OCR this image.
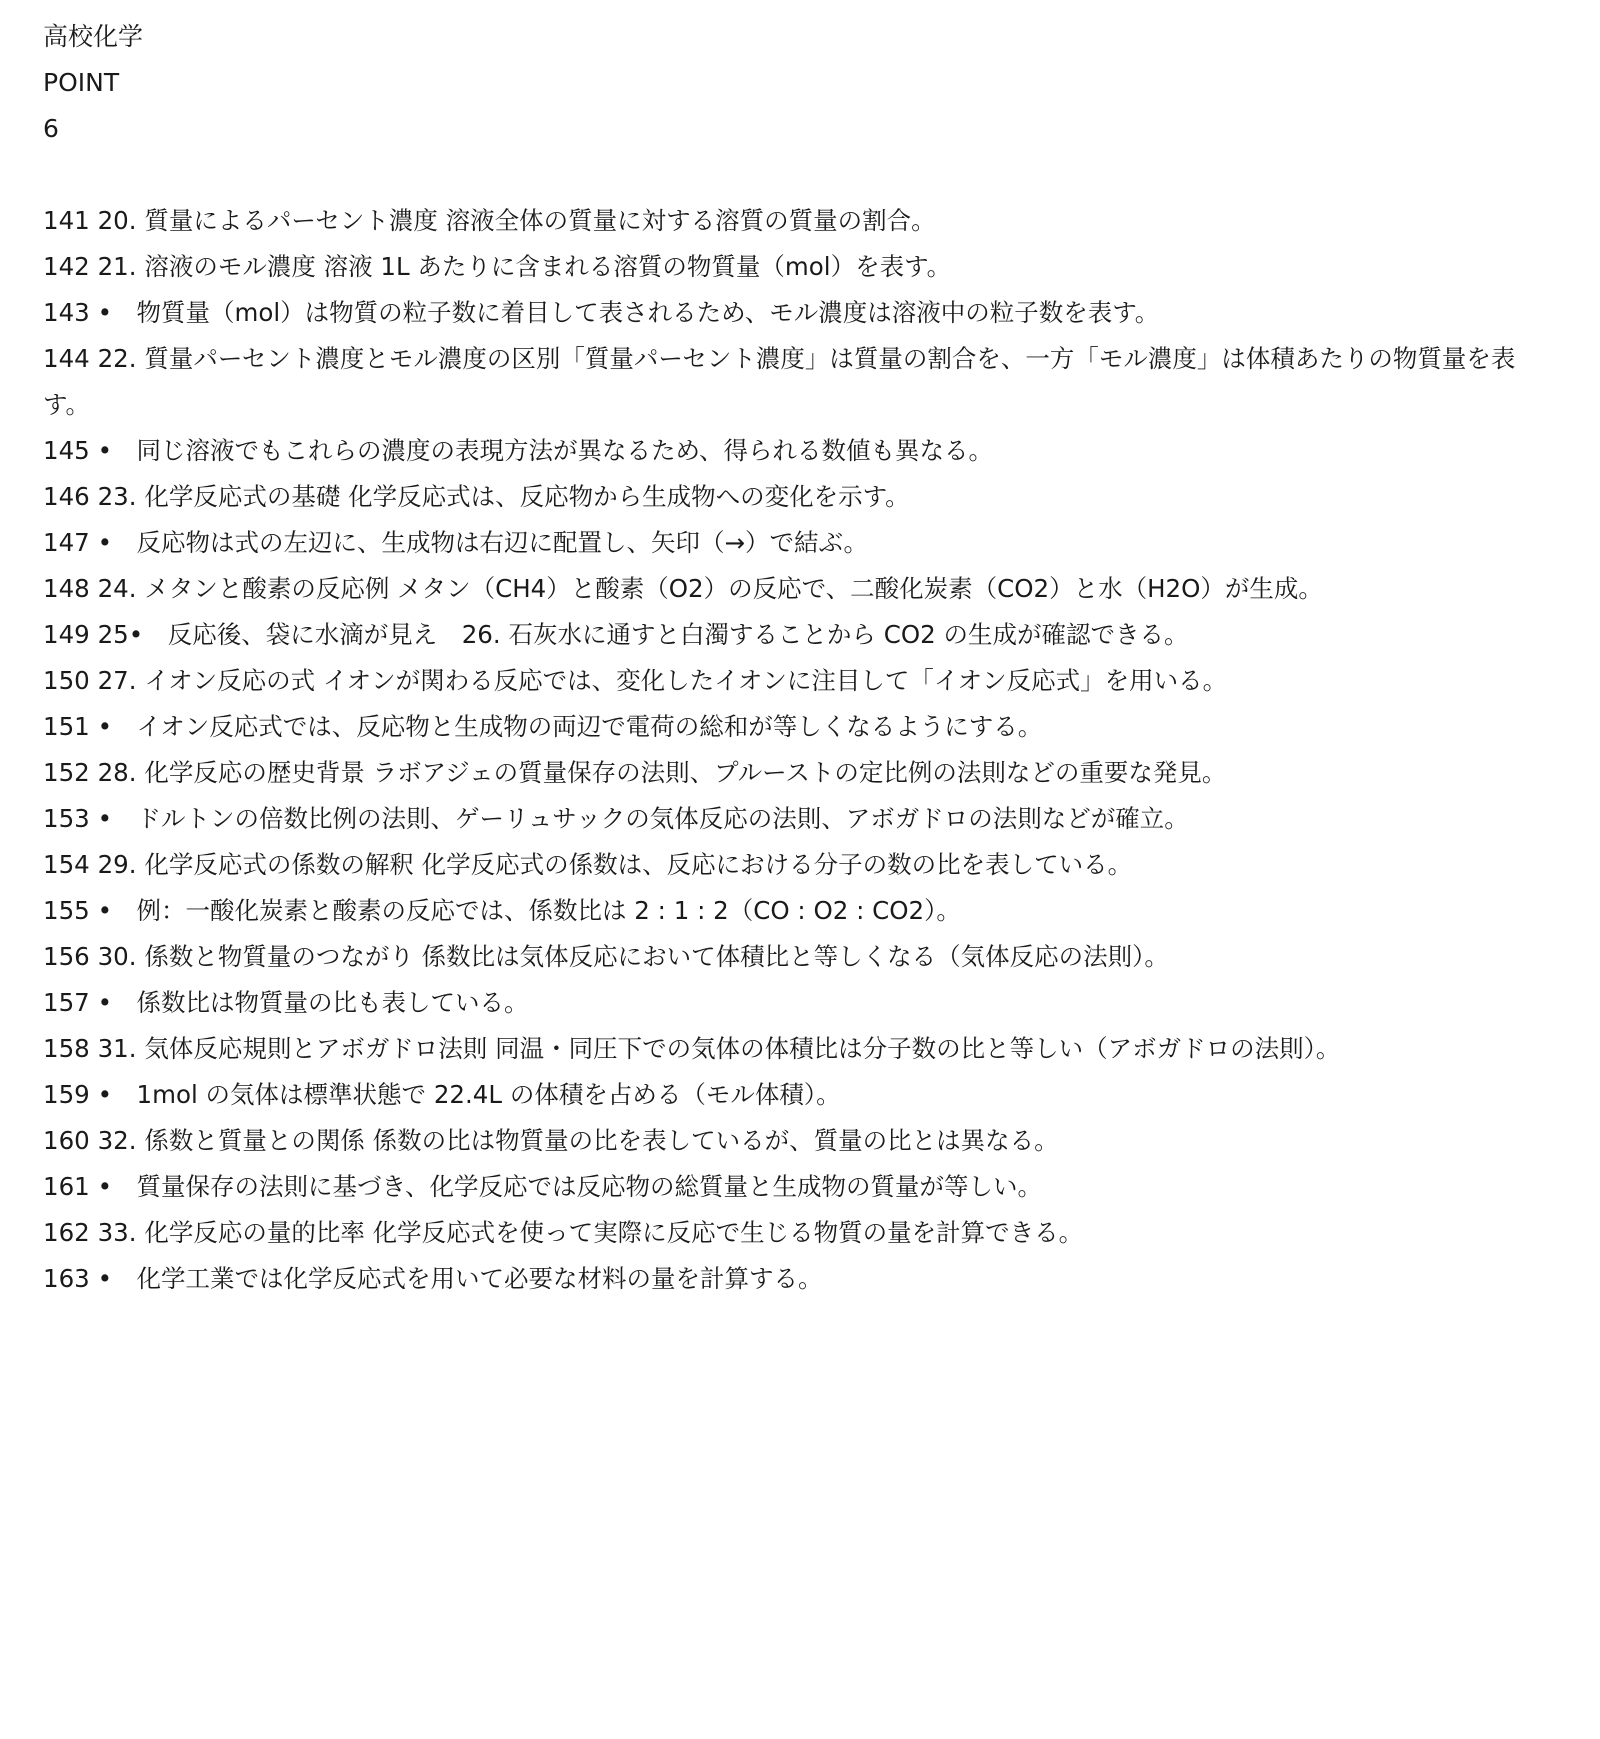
高校化学
POINT
6
141 20. 質量によるパーセント濃度 溶液全体の質量に対する溶質の質量の割合。
142 21. 溶液のモル濃度 溶液 1L あたりに含まれる溶質の物質量（mol）を表す。
143 •　物質量（mol）は物質の粒子数に着目して表されるため、モル濃度は溶液中の粒子数を表す。
144 22. 質量パーセント濃度とモル濃度の区別「質量パーセント濃度」は質量の割合を、一方「モル濃度」は体積あたりの物質量を表す。
145 •　同じ溶液でもこれらの濃度の表現方法が異なるため、得られる数値も異なる。
146 23. 化学反応式の基礎 化学反応式は、反応物から生成物への変化を示す。
147 •　反応物は式の左辺に、生成物は右辺に配置し、矢印（→）で結ぶ。
148 24. メタンと酸素の反応例 メタン（CH4）と酸素（O2）の反応で、二酸化炭素（CO2）と水（H2O）が生成。
149 25•　反応後、袋に水滴が見え　26. 石灰水に通すと白濁することから CO2 の生成が確認できる。
150 27. イオン反応の式 イオンが関わる反応では、変化したイオンに注目して「イオン反応式」を用いる。
151 •　イオン反応式では、反応物と生成物の両辺で電荷の総和が等しくなるようにする。
152 28. 化学反応の歴史背景 ラボアジェの質量保存の法則、プルーストの定比例の法則などの重要な発見。
153 •　ドルトンの倍数比例の法則、ゲーリュサックの気体反応の法則、アボガドロの法則などが確立。
154 29. 化学反応式の係数の解釈 化学反応式の係数は、反応における分子の数の比を表している。
155 •　例：一酸化炭素と酸素の反応では、係数比は 2 : 1 : 2（CO : O2 : CO2）。
156 30. 係数と物質量のつながり 係数比は気体反応において体積比と等しくなる（気体反応の法則）。
157 •　係数比は物質量の比も表している。
158 31. 気体反応規則とアボガドロ法則 同温・同圧下での気体の体積比は分子数の比と等しい（アボガドロの法則）。
159 •　1mol の気体は標準状態で 22.4L の体積を占める（モル体積）。
160 32. 係数と質量との関係 係数の比は物質量の比を表しているが、質量の比とは異なる。
161 •　質量保存の法則に基づき、化学反応では反応物の総質量と生成物の質量が等しい。
162 33. 化学反応の量的比率 化学反応式を使って実際に反応で生じる物質の量を計算できる。
163 •　化学工業では化学反応式を用いて必要な材料の量を計算する。
